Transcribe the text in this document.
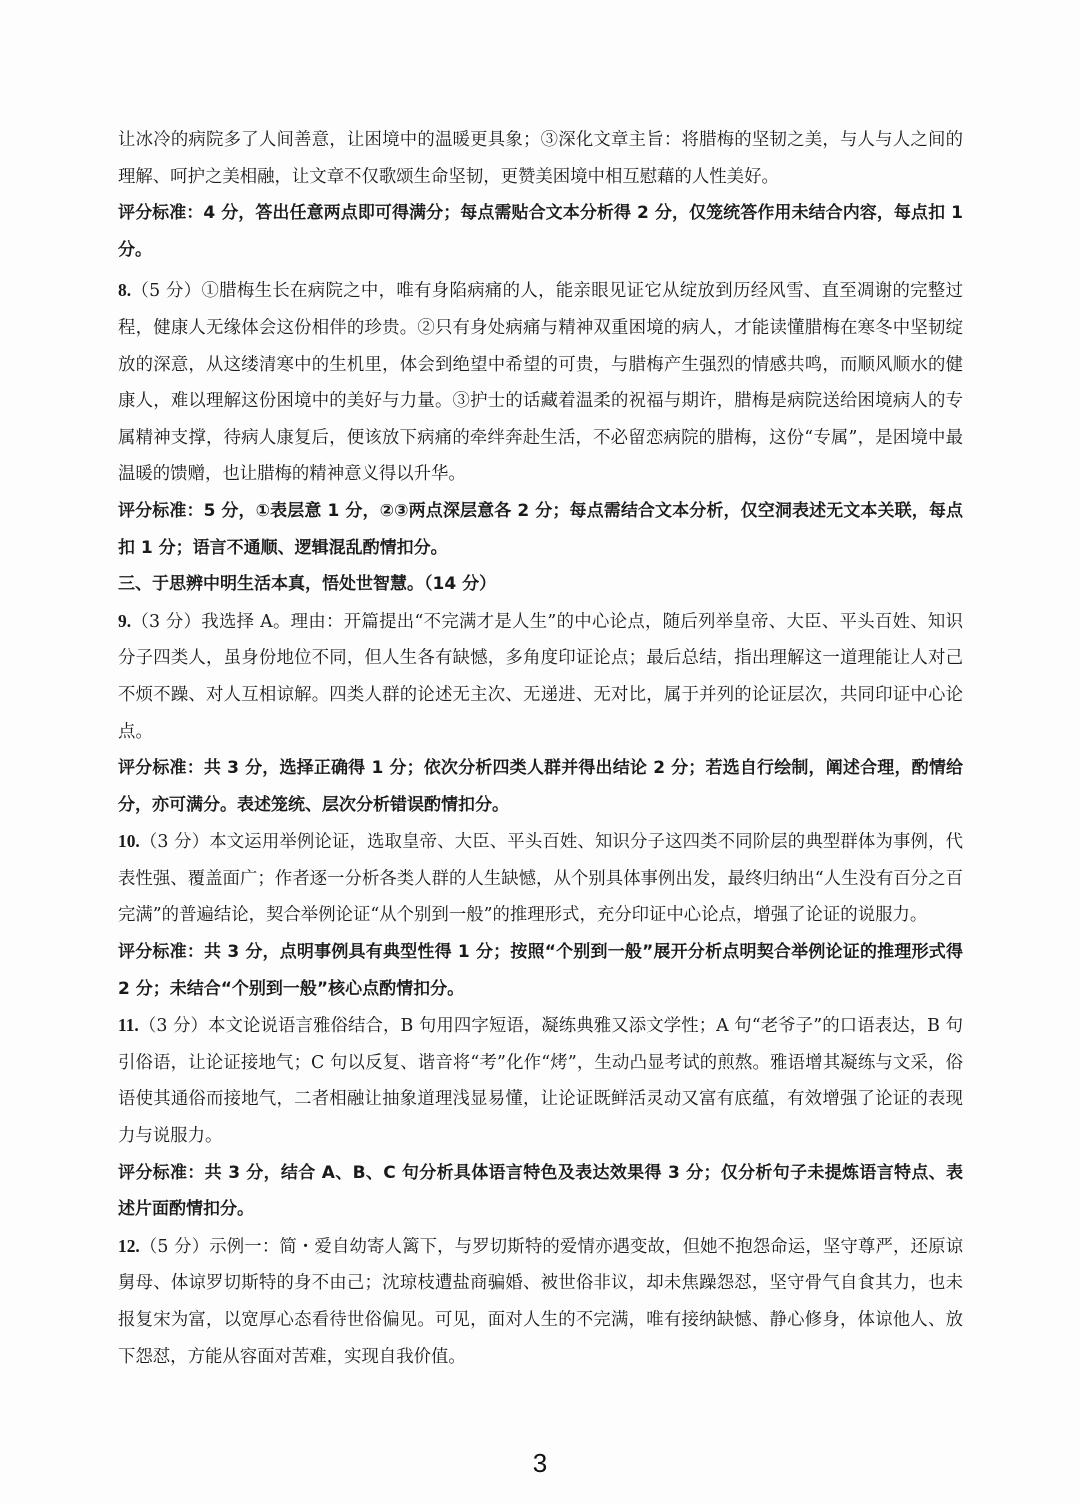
让冰冷的病院多了人间善意，让困境中的温暖更具象；③深化文章主旨：将腊梅的坚韧之美，与人与人之间的理解、呵护之美相融，让文章不仅歌颂生命坚韧，更赞美困境中相互慰藉的人性美好。

评分标准：4 分，答出任意两点即可得满分；每点需贴合文本分析得 2 分，仅笼统答作用未结合内容，每点扣 1 分。

8.（5 分）①腊梅生长在病院之中，唯有身陷病痛的人，能亲眼见证它从绽放到历经风雪、直至凋谢的完整过程，健康人无缘体会这份相伴的珍贵。②只有身处病痛与精神双重困境的病人，才能读懂腊梅在寒冬中坚韧绽放的深意，从这缕清寒中的生机里，体会到绝望中希望的可贵，与腊梅产生强烈的情感共鸣，而顺风顺水的健康人，难以理解这份困境中的美好与力量。③护士的话藏着温柔的祝福与期许，腊梅是病院送给困境病人的专属精神支撑，待病人康复后，便该放下病痛的牵绊奔赴生活，不必留恋病院的腊梅，这份“专属”，是困境中最温暖的馈赠，也让腊梅的精神意义得以升华。

评分标准：5 分，①表层意 1 分，②③两点深层意各 2 分；每点需结合文本分析，仅空洞表述无文本关联，每点扣 1 分；语言不通顺、逻辑混乱酌情扣分。

三、于思辨中明生活本真，悟处世智慧。（14 分）

9.（3 分）我选择 A。理由：开篇提出“不完满才是人生”的中心论点，随后列举皇帝、大臣、平头百姓、知识分子四类人，虽身份地位不同，但人生各有缺憾，多角度印证论点；最后总结，指出理解这一道理能让人对己不烦不躁、对人互相谅解。四类人群的论述无主次、无递进、无对比，属于并列的论证层次，共同印证中心论点。

评分标准：共 3 分，选择正确得 1 分；依次分析四类人群并得出结论 2 分；若选自行绘制，阐述合理，酌情给分，亦可满分。表述笼统、层次分析错误酌情扣分。

10.（3 分）本文运用举例论证，选取皇帝、大臣、平头百姓、知识分子这四类不同阶层的典型群体为事例，代表性强、覆盖面广；作者逐一分析各类人群的人生缺憾，从个别具体事例出发，最终归纳出“人生没有百分之百完满”的普遍结论，契合举例论证“从个别到一般”的推理形式，充分印证中心论点，增强了论证的说服力。

评分标准：共 3 分，点明事例具有典型性得 1 分；按照“个别到一般”展开分析点明契合举例论证的推理形式得 2 分；未结合“个别到一般”核心点酌情扣分。

11.（3 分）本文论说语言雅俗结合，B 句用四字短语，凝练典雅又添文学性；A 句“老爷子”的口语表达，B 句引俗语，让论证接地气；C 句以反复、谐音将“考”化作“烤”，生动凸显考试的煎熬。雅语增其凝练与文采，俗语使其通俗而接地气，二者相融让抽象道理浅显易懂，让论证既鲜活灵动又富有底蕴，有效增强了论证的表现力与说服力。

评分标准：共 3 分，结合 A、B、C 句分析具体语言特色及表达效果得 3 分；仅分析句子未提炼语言特点、表述片面酌情扣分。

12.（5 分）示例一：简・爱自幼寄人篱下，与罗切斯特的爱情亦遇变故，但她不抱怨命运，坚守尊严，还原谅舅母、体谅罗切斯特的身不由己；沈琼枝遭盐商骗婚、被世俗非议，却未焦躁怨怼，坚守骨气自食其力，也未报复宋为富，以宽厚心态看待世俗偏见。可见，面对人生的不完满，唯有接纳缺憾、静心修身，体谅他人、放下怨怼，方能从容面对苦难，实现自我价值。

3
